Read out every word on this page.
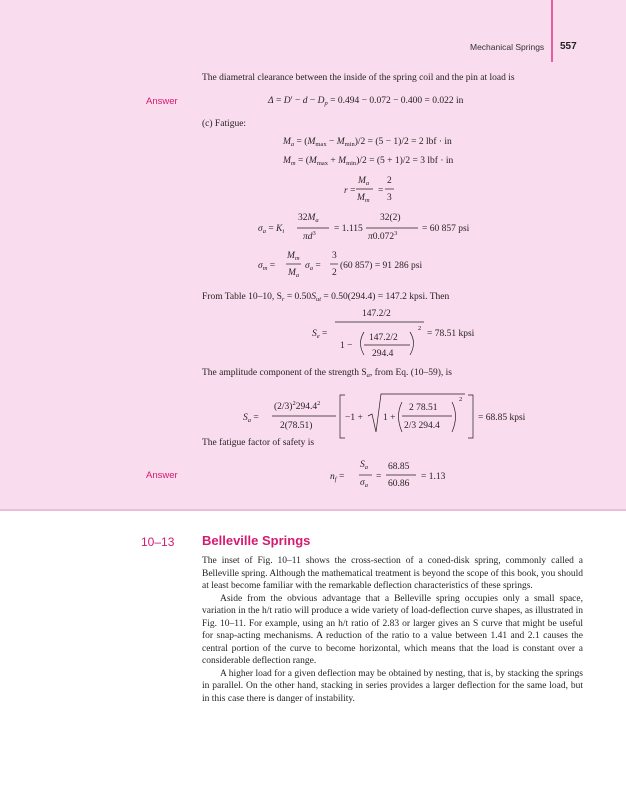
Mechanical Springs 557
The diametral clearance between the inside of the spring coil and the pin at load is
Answer	$\Delta = D' - d - D_p = 0.494 - 0.072 - 0.400 = 0.022$ in
(c) Fatigue:
$M_a = (M_{max} - M_{min})/2 = (5 - 1)/2 = 2$ lbf · in
$M_m = (M_{max} + M_{min})/2 = (5 + 1)/2 = 3$ lbf · in
r =
$M_a$
$M_m$
=
2
3
$\sigma_a = K_i$
$32M_a$
$\pi d^3 = 1.115$
32(2)
$\pi 0.072^3$	= 60 857 psi
$\sigma_m$ =
$M_m$
$M_a$
$\sigma_a$ =
3
2
(60 857) = 91 286 psi
From Table 10–10, $S_r = 0.50S_{ut} = 0.50(294.4) = 147.2$ kpsi. Then
$S_e$ =
147.2/2
1 −
147.2/2
294.4
$^2$
= 78.51 kpsi
The amplitude component of the strength $S_a$, from Eq. (10–59), is
$S_a$ =
$(2/3)^2294.4^2$
2(78.51)
−1 + 1 +
2 78.51
2/3 294.4
$^2$
= 68.85 kpsi
The fatigue factor of safety is
Answer	$n_f$ =
$S_a$
$\sigma_a$
=
68.85
60.86
= 1.13
10–13 Belleville Springs

The inset of Fig. 10–11 shows the cross-section of a coned-disk spring, commonly called a Belleville spring. Although the mathematical treatment is beyond the scope of this book, you should at least become familiar with the remarkable deflection characteristics of these springs.

Aside from the obvious advantage that a Belleville spring occupies only a small space, variation in the h/t ratio will produce a wide variety of load-deflection curve shapes, as illustrated in Fig. 10–11. For example, using an h/t ratio of 2.83 or larger gives an S curve that might be useful for snap-acting mechanisms. A reduction of the ratio to a value between 1.41 and 2.1 causes the central portion of the curve to become horizontal, which means that the load is constant over a considerable deflection range.

A higher load for a given deflection may be obtained by nesting, that is, by stacking the springs in parallel. On the other hand, stacking in series provides a larger deflection for the same load, but in this case there is danger of instability.
